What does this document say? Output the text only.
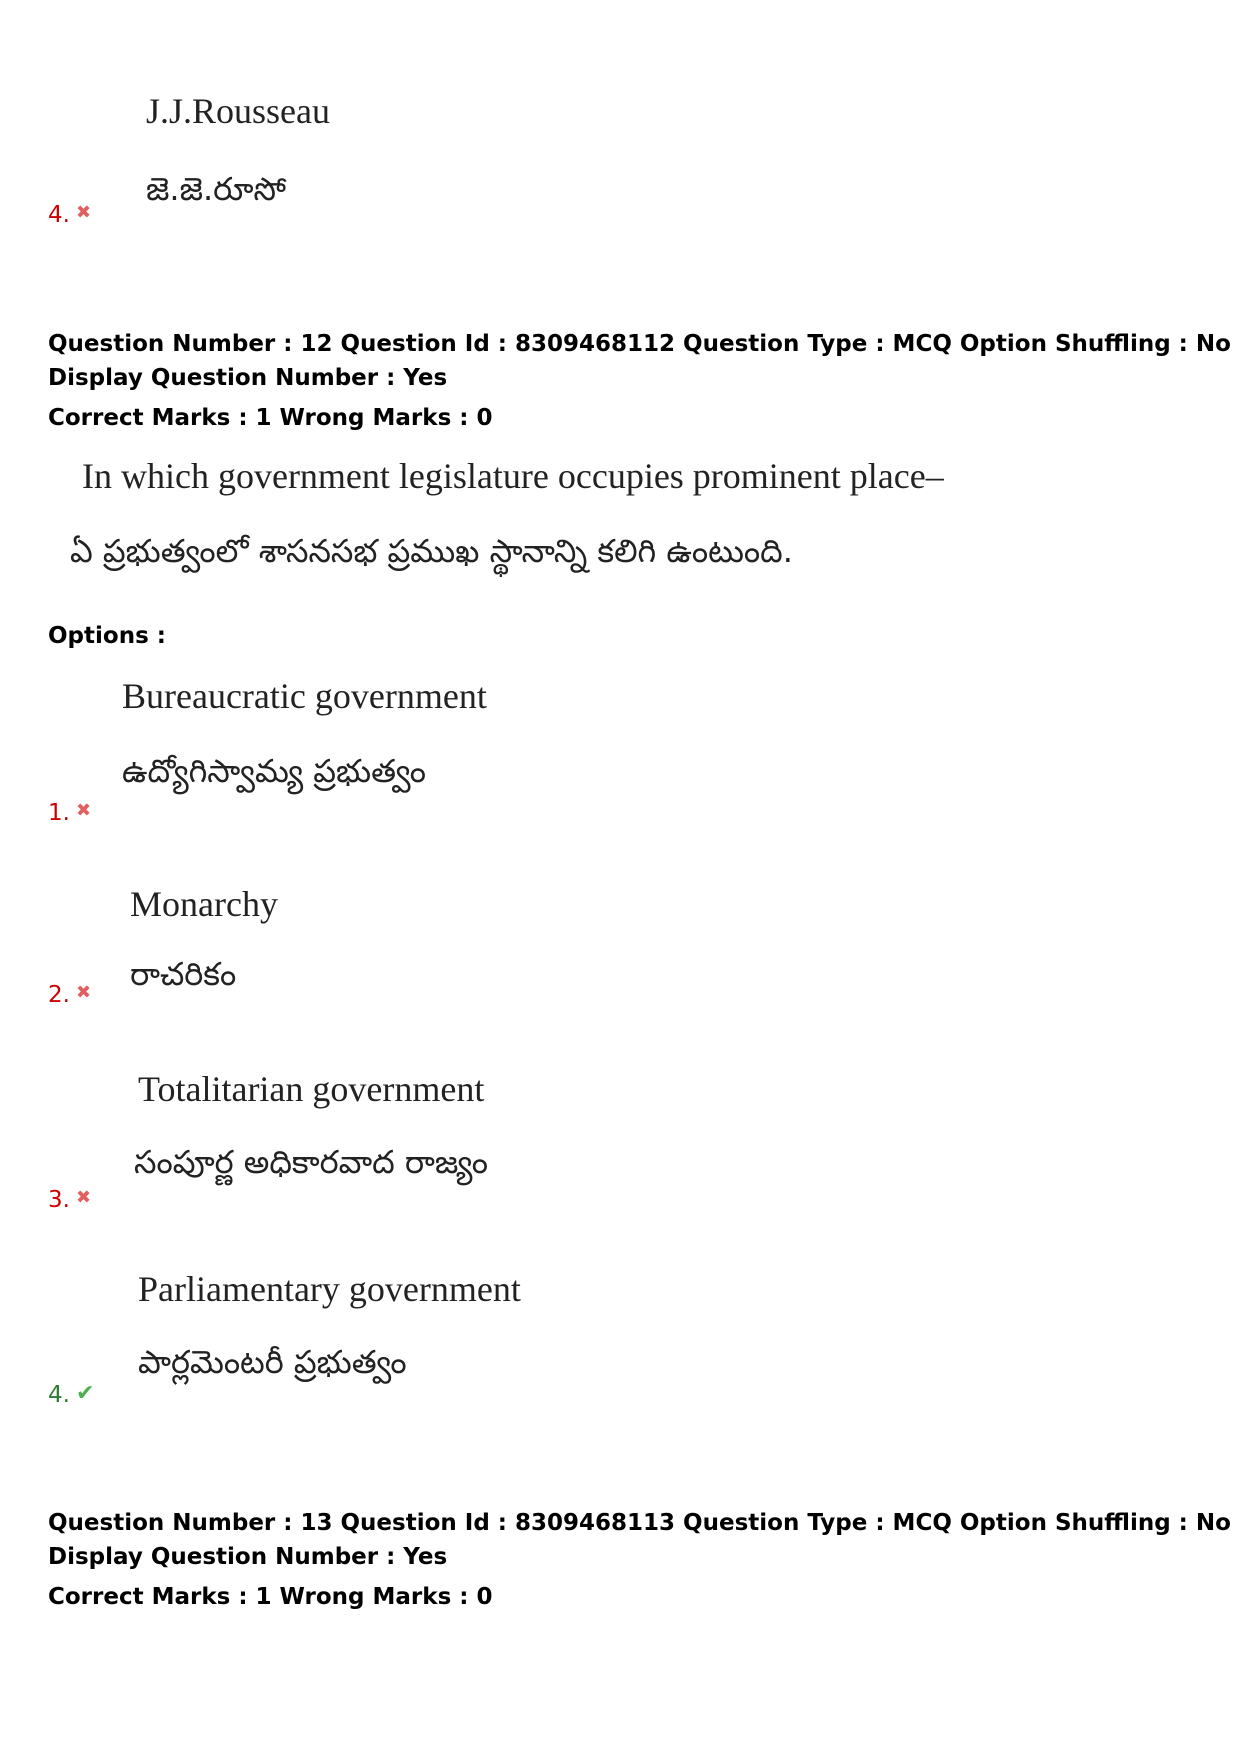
J.J.Rousseau
జె.జె.రూసో
4. ✖
Question Number : 12 Question Id : 8309468112 Question Type : MCQ Option Shuffling : No
Display Question Number : Yes
Correct Marks : 1 Wrong Marks : 0
In which government legislature occupies prominent place–
ఏ ప్రభుత్వంలో శాసనసభ ప్రముఖ స్థానాన్ని కలిగి ఉంటుంది.
Options :
Bureaucratic government
ఉద్యోగిస్వామ్య ప్రభుత్వం
1. ✖
Monarchy
రాచరికం
2. ✖
Totalitarian government
సంపూర్ణ అధికారవాద రాజ్యం
3. ✖
Parliamentary government
పార్లమెంటరీ ప్రభుత్వం
4. ✔
Question Number : 13 Question Id : 8309468113 Question Type : MCQ Option Shuffling : No
Display Question Number : Yes
Correct Marks : 1 Wrong Marks : 0
